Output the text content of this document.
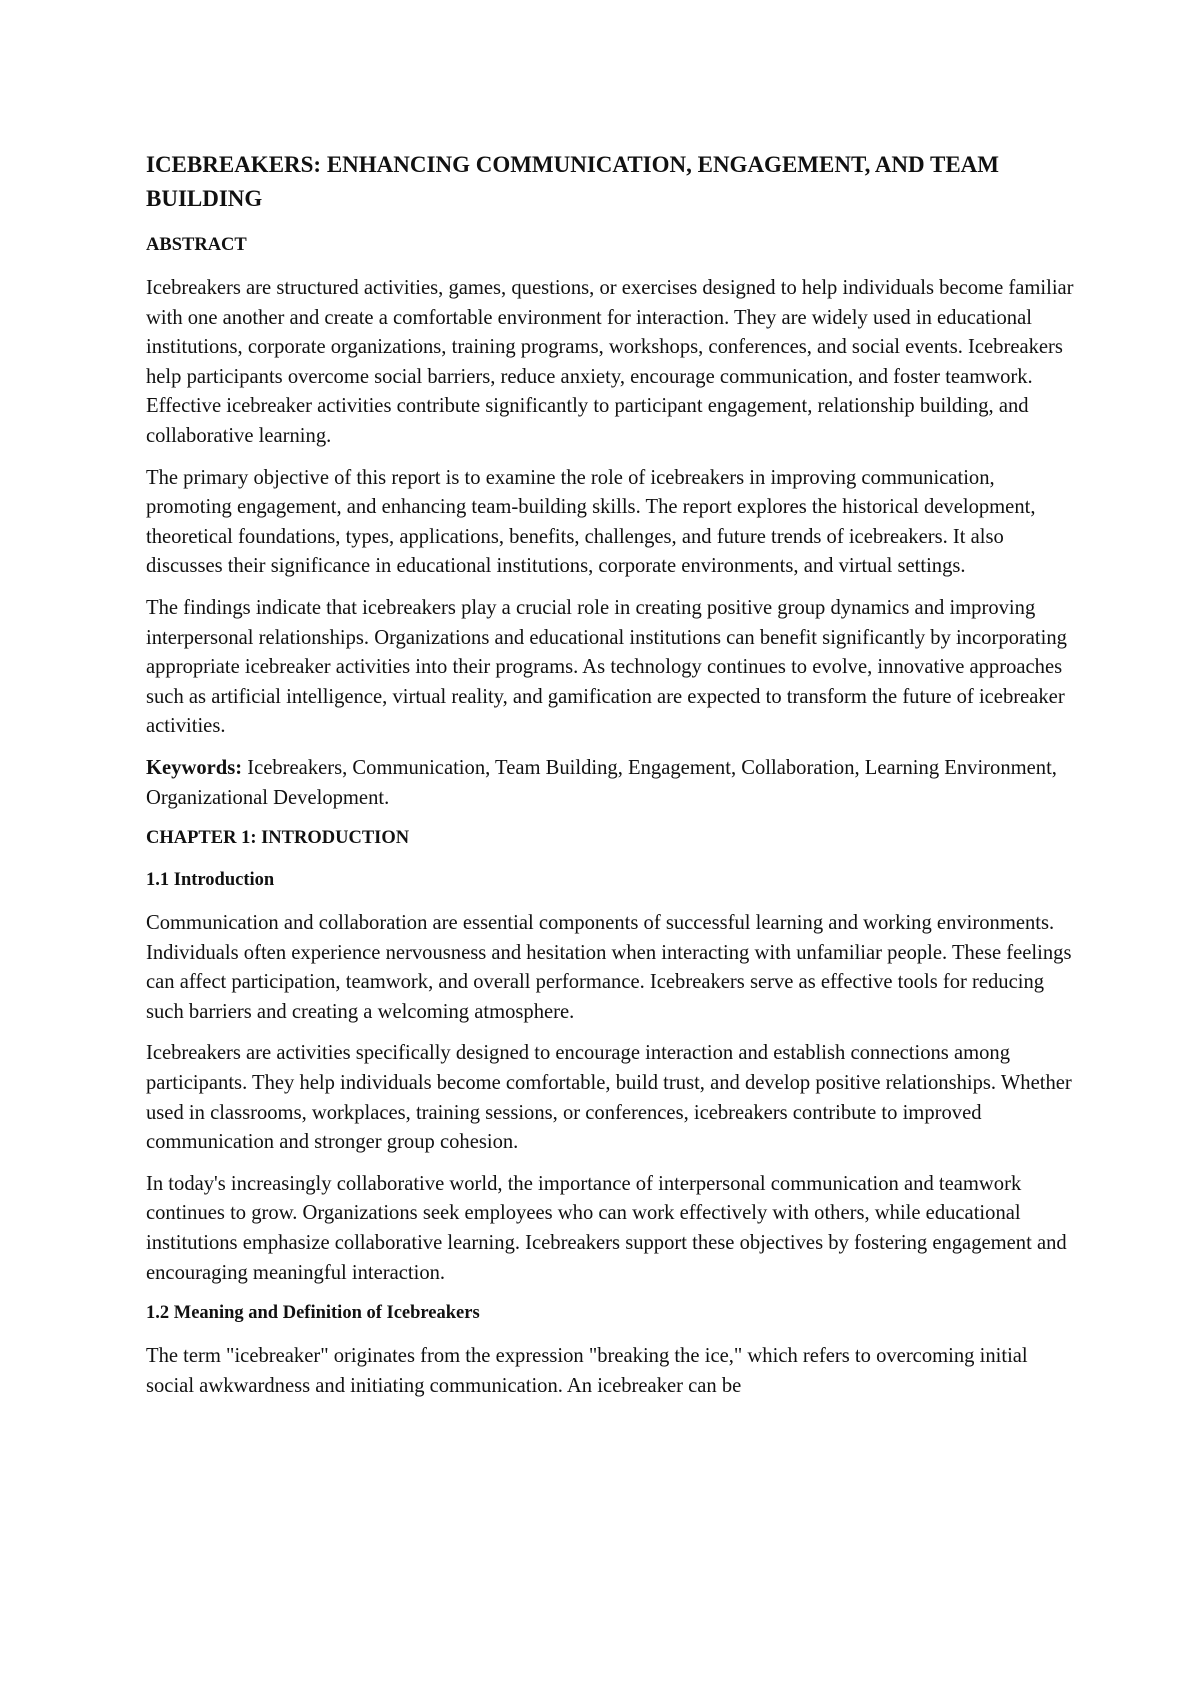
ICEBREAKERS: ENHANCING COMMUNICATION, ENGAGEMENT, AND TEAM BUILDING
ABSTRACT

Icebreakers are structured activities, games, questions, or exercises designed to help individuals become familiar with one another and create a comfortable environment for interaction. They are widely used in educational institutions, corporate organizations, training programs, workshops, conferences, and social events. Icebreakers help participants overcome social barriers, reduce anxiety, encourage communication, and foster teamwork. Effective icebreaker activities contribute significantly to participant engagement, relationship building, and collaborative learning.

The primary objective of this report is to examine the role of icebreakers in improving communication, promoting engagement, and enhancing team-building skills. The report explores the historical development, theoretical foundations, types, applications, benefits, challenges, and future trends of icebreakers. It also discusses their significance in educational institutions, corporate environments, and virtual settings.

The findings indicate that icebreakers play a crucial role in creating positive group dynamics and improving interpersonal relationships. Organizations and educational institutions can benefit significantly by incorporating appropriate icebreaker activities into their programs. As technology continues to evolve, innovative approaches such as artificial intelligence, virtual reality, and gamification are expected to transform the future of icebreaker activities.

Keywords: Icebreakers, Communication, Team Building, Engagement, Collaboration, Learning Environment, Organizational Development.

CHAPTER 1: INTRODUCTION
1.1 Introduction

Communication and collaboration are essential components of successful learning and working environments. Individuals often experience nervousness and hesitation when interacting with unfamiliar people. These feelings can affect participation, teamwork, and overall performance. Icebreakers serve as effective tools for reducing such barriers and creating a welcoming atmosphere.

Icebreakers are activities specifically designed to encourage interaction and establish connections among participants. They help individuals become comfortable, build trust, and develop positive relationships. Whether used in classrooms, workplaces, training sessions, or conferences, icebreakers contribute to improved communication and stronger group cohesion.

In today's increasingly collaborative world, the importance of interpersonal communication and teamwork continues to grow. Organizations seek employees who can work effectively with others, while educational institutions emphasize collaborative learning. Icebreakers support these objectives by fostering engagement and encouraging meaningful interaction.

1.2 Meaning and Definition of Icebreakers

The term "icebreaker" originates from the expression "breaking the ice," which refers to overcoming initial social awkwardness and initiating communication. An icebreaker can be
